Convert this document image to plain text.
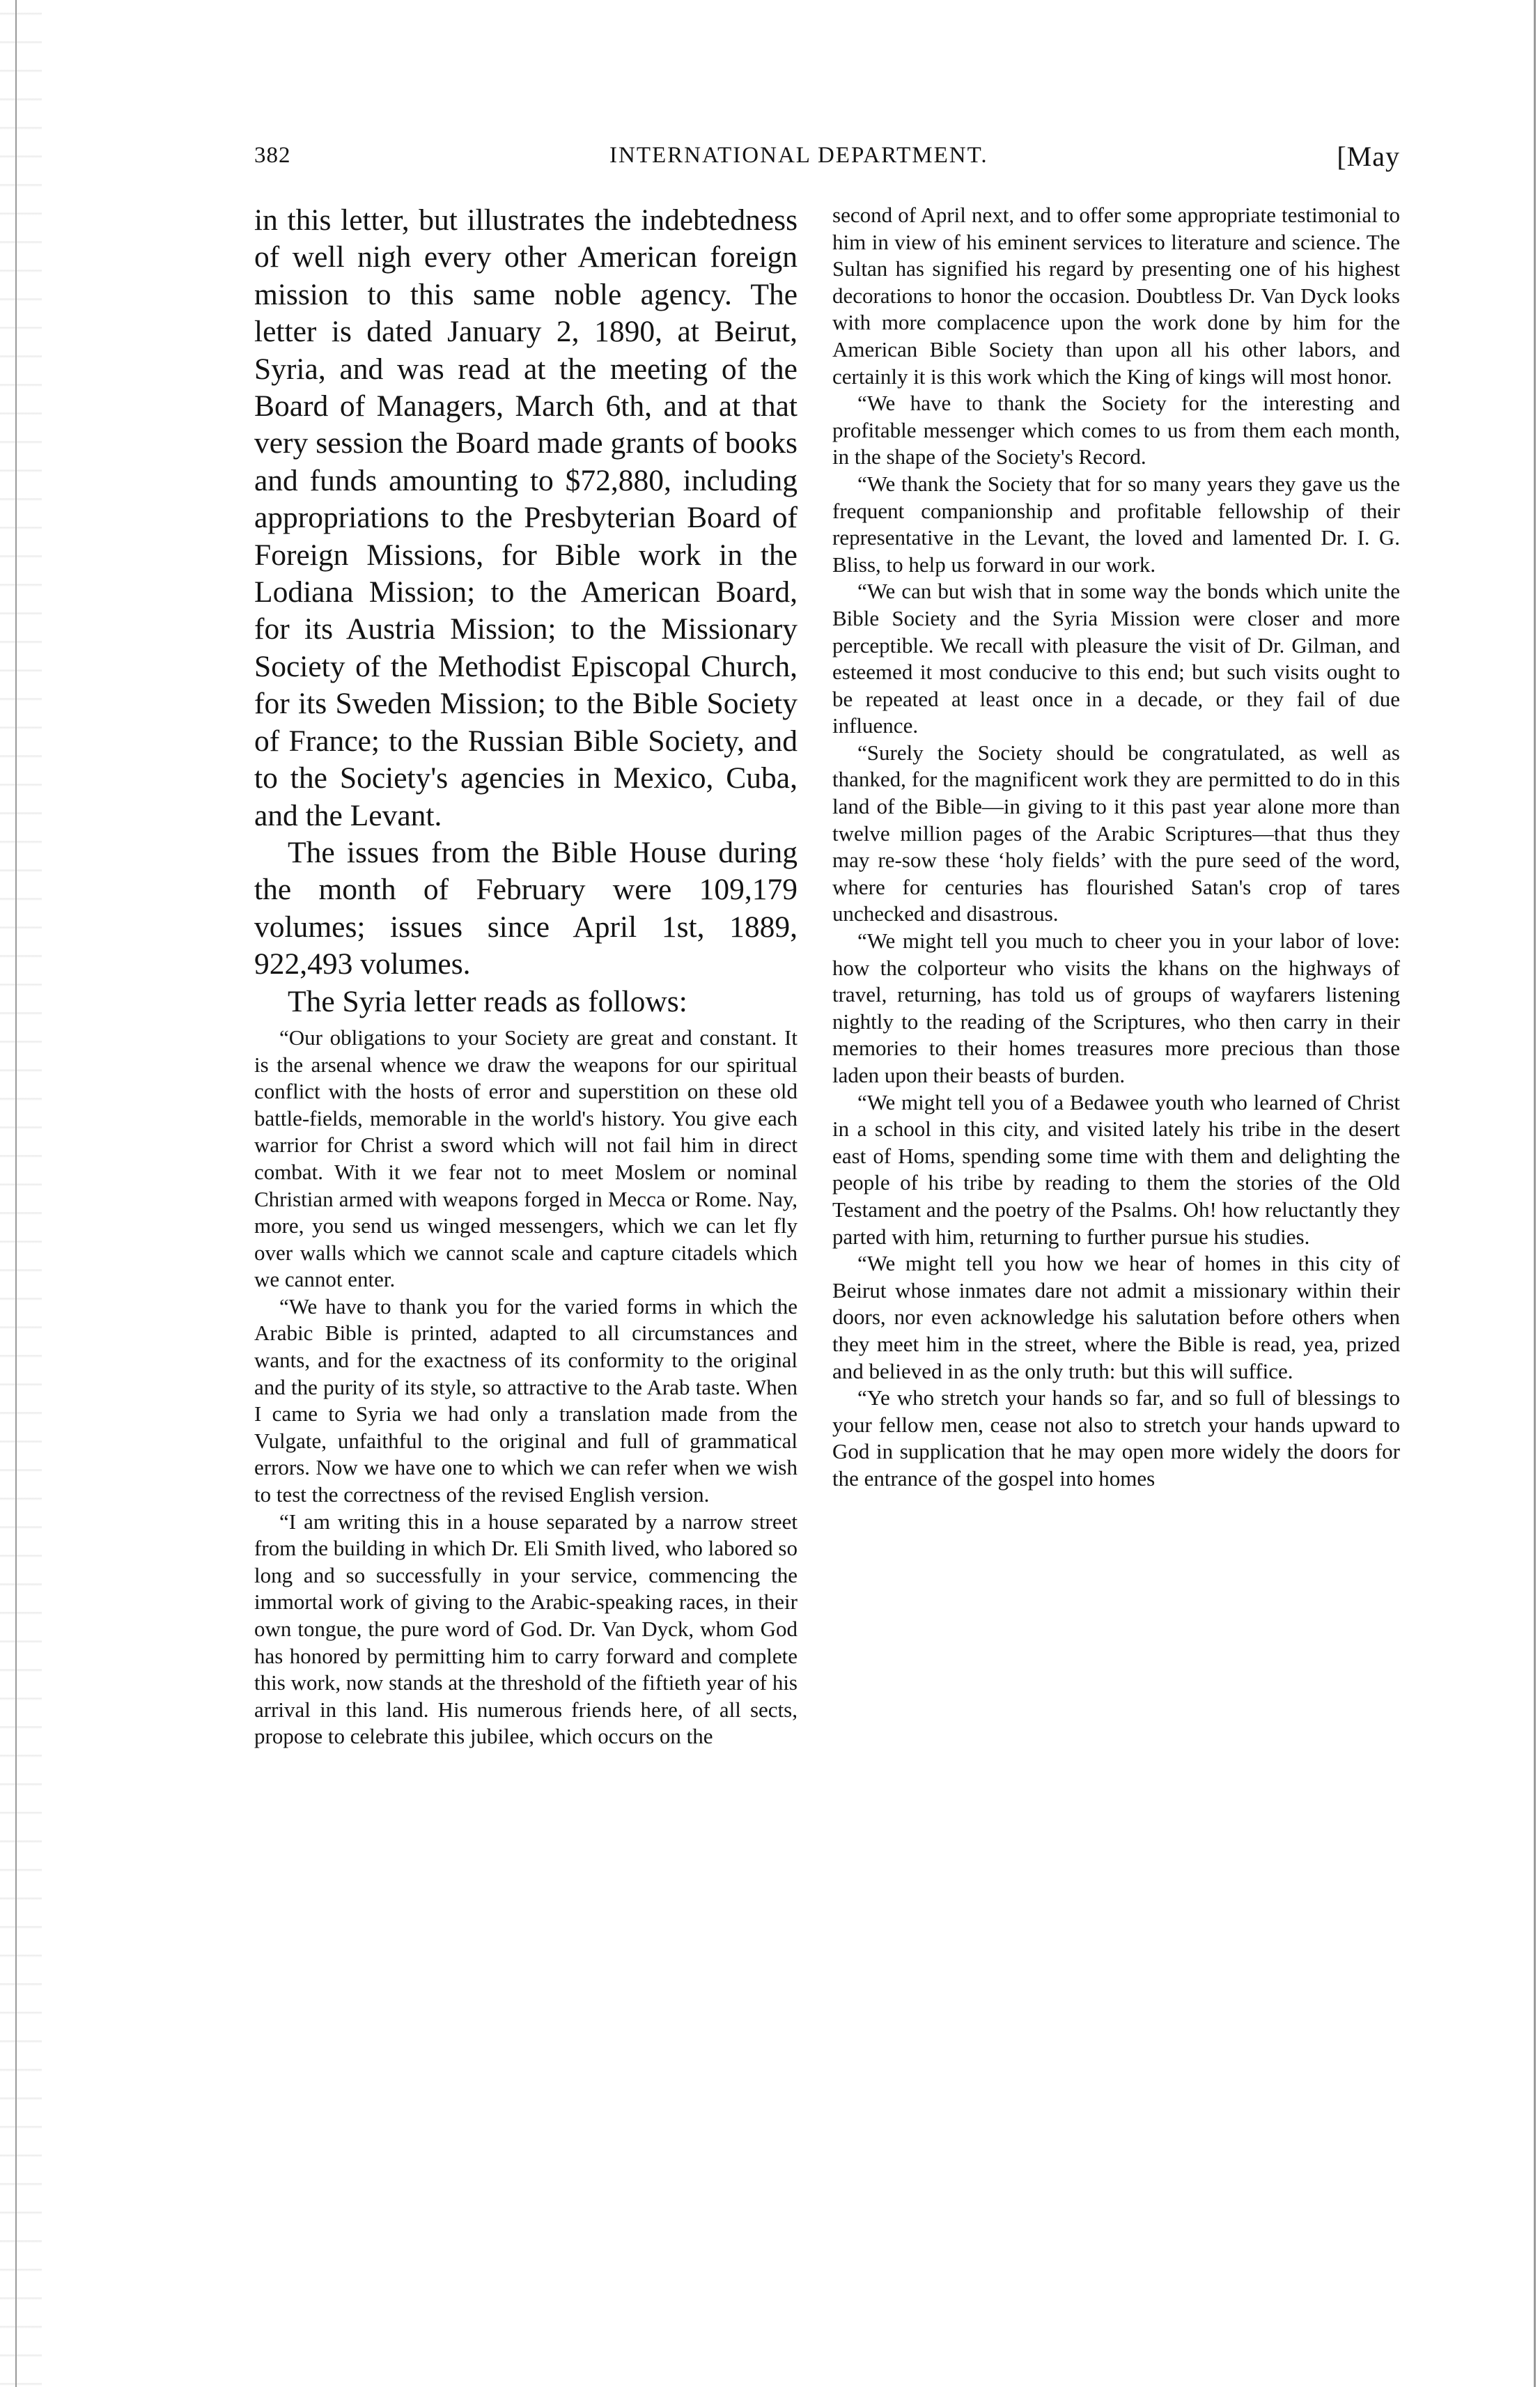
382	INTERNATIONAL DEPARTMENT.	[May

in this letter, but illustrates the indebtedness of well nigh every other American foreign mission to this same noble agency. The letter is dated January 2, 1890, at Beirut, Syria, and was read at the meeting of the Board of Managers, March 6th, and at that very session the Board made grants of books and funds amounting to $72,880, including appropriations to the Presbyterian Board of Foreign Missions, for Bible work in the Lodiana Mission; to the American Board, for its Austria Mission; to the Missionary Society of the Methodist Episcopal Church, for its Sweden Mission; to the Bible Society of France; to the Russian Bible Society, and to the Society's agencies in Mexico, Cuba, and the Levant.

The issues from the Bible House during the month of February were 109,179 volumes; issues since April 1st, 1889, 922,493 volumes.

The Syria letter reads as follows:

“Our obligations to your Society are great and constant. It is the arsenal whence we draw the weapons for our spiritual conflict with the hosts of error and superstition on these old battle-fields, memorable in the world's history. You give each warrior for Christ a sword which will not fail him in direct combat. With it we fear not to meet Moslem or nominal Christian armed with weapons forged in Mecca or Rome. Nay, more, you send us winged messengers, which we can let fly over walls which we cannot scale and capture citadels which we cannot enter.

“We have to thank you for the varied forms in which the Arabic Bible is printed, adapted to all circumstances and wants, and for the exactness of its conformity to the original and the purity of its style, so attractive to the Arab taste. When I came to Syria we had only a translation made from the Vulgate, unfaithful to the original and full of grammatical errors. Now we have one to which we can refer when we wish to test the correctness of the revised English version.

“I am writing this in a house separated by a narrow street from the building in which Dr. Eli Smith lived, who labored so long and so successfully in your service, commencing the immortal work of giving to the Arabic-speaking races, in their own tongue, the pure word of God. Dr. Van Dyck, whom God has honored by permitting him to carry forward and complete this work, now stands at the threshold of the fiftieth year of his arrival in this land. His numerous friends here, of all sects, propose to celebrate this jubilee, which occurs on the

second of April next, and to offer some appropriate testimonial to him in view of his eminent services to literature and science. The Sultan has signified his regard by presenting one of his highest decorations to honor the occasion. Doubtless Dr. Van Dyck looks with more complacence upon the work done by him for the American Bible Society than upon all his other labors, and certainly it is this work which the King of kings will most honor.

“We have to thank the Society for the interesting and profitable messenger which comes to us from them each month, in the shape of the Society's Record.

“We thank the Society that for so many years they gave us the frequent companionship and profitable fellowship of their representative in the Levant, the loved and lamented Dr. I. G. Bliss, to help us forward in our work.

“We can but wish that in some way the bonds which unite the Bible Society and the Syria Mission were closer and more perceptible. We recall with pleasure the visit of Dr. Gilman, and esteemed it most conducive to this end; but such visits ought to be repeated at least once in a decade, or they fail of due influence.

“Surely the Society should be congratulated, as well as thanked, for the magnificent work they are permitted to do in this land of the Bible—in giving to it this past year alone more than twelve million pages of the Arabic Scriptures—that thus they may re-sow these ‘holy fields’ with the pure seed of the word, where for centuries has flourished Satan's crop of tares unchecked and disastrous.

“We might tell you much to cheer you in your labor of love: how the colporteur who visits the khans on the highways of travel, returning, has told us of groups of wayfarers listening nightly to the reading of the Scriptures, who then carry in their memories to their homes treasures more precious than those laden upon their beasts of burden.

“We might tell you of a Bedawee youth who learned of Christ in a school in this city, and visited lately his tribe in the desert east of Homs, spending some time with them and delighting the people of his tribe by reading to them the stories of the Old Testament and the poetry of the Psalms. Oh! how reluctantly they parted with him, returning to further pursue his studies.

“We might tell you how we hear of homes in this city of Beirut whose inmates dare not admit a missionary within their doors, nor even acknowledge his salutation before others when they meet him in the street, where the Bible is read, yea, prized and believed in as the only truth: but this will suffice.

“Ye who stretch your hands so far, and so full of blessings to your fellow men, cease not also to stretch your hands upward to God in supplication that he may open more widely the doors for the entrance of the gospel into homes
